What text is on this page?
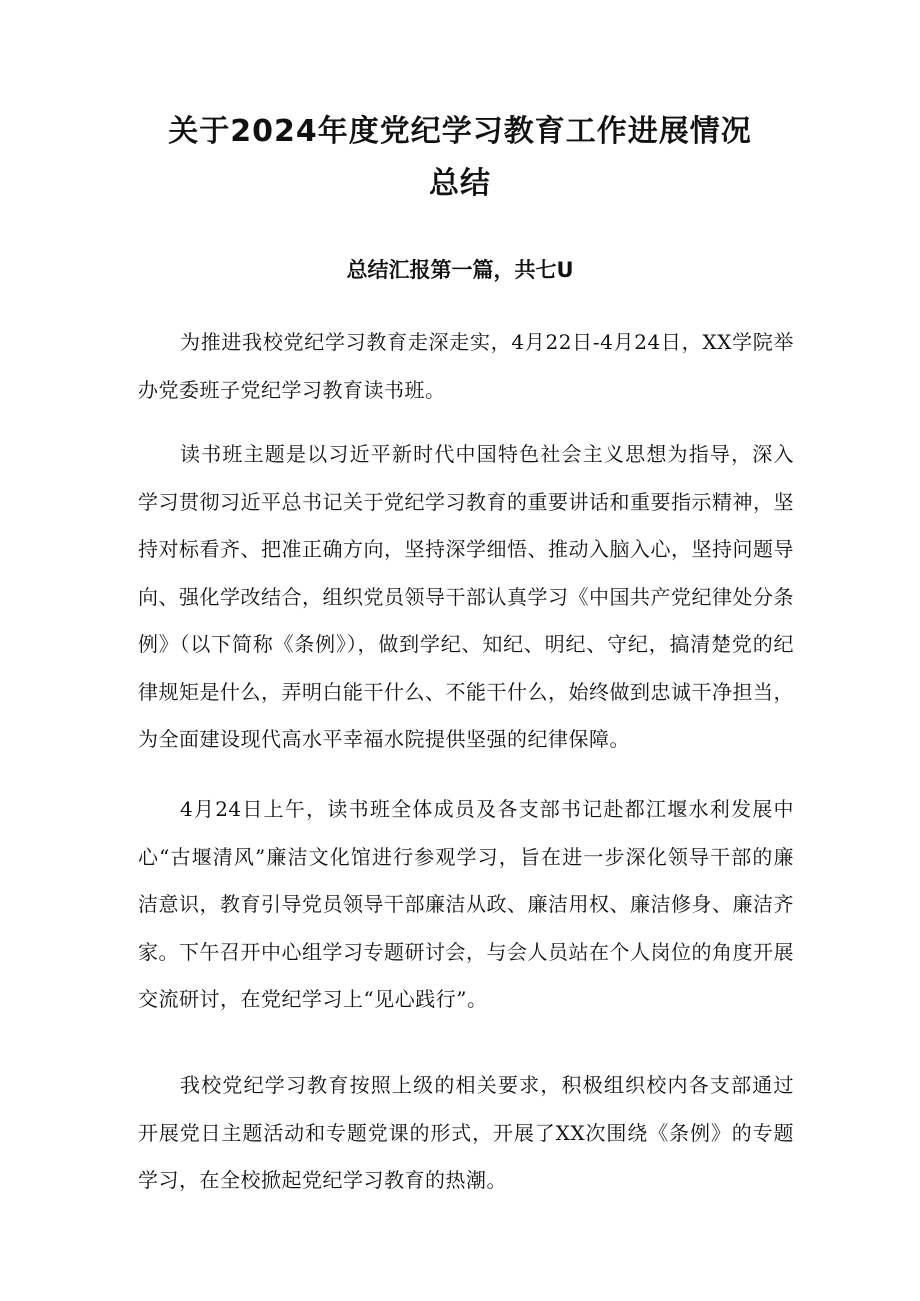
关于2024年度党纪学习教育工作进展情况
总结
总结汇报第一篇，共七U

为推进我校党纪学习教育走深走实，4月22日-4月24日，XX学院举办党委班子党纪学习教育读书班。

读书班主题是以习近平新时代中国特色社会主义思想为指导，深入学习贯彻习近平总书记关于党纪学习教育的重要讲话和重要指示精神，坚持对标看齐、把准正确方向，坚持深学细悟、推动入脑入心，坚持问题导向、强化学改结合，组织党员领导干部认真学习《中国共产党纪律处分条例》（以下简称《条例》），做到学纪、知纪、明纪、守纪，搞清楚党的纪律规矩是什么，弄明白能干什么、不能干什么，始终做到忠诚干净担当，为全面建设现代高水平幸福水院提供坚强的纪律保障。

4月24日上午，读书班全体成员及各支部书记赴都江堰水利发展中心“古堰清风”廉洁文化馆进行参观学习，旨在进一步深化领导干部的廉洁意识，教育引导党员领导干部廉洁从政、廉洁用权、廉洁修身、廉洁齐家。下午召开中心组学习专题研讨会，与会人员站在个人岗位的角度开展交流研讨，在党纪学习上“见心践行”。

我校党纪学习教育按照上级的相关要求，积极组织校内各支部通过开展党日主题活动和专题党课的形式，开展了XX次围绕《条例》的专题学习，在全校掀起党纪学习教育的热潮。
